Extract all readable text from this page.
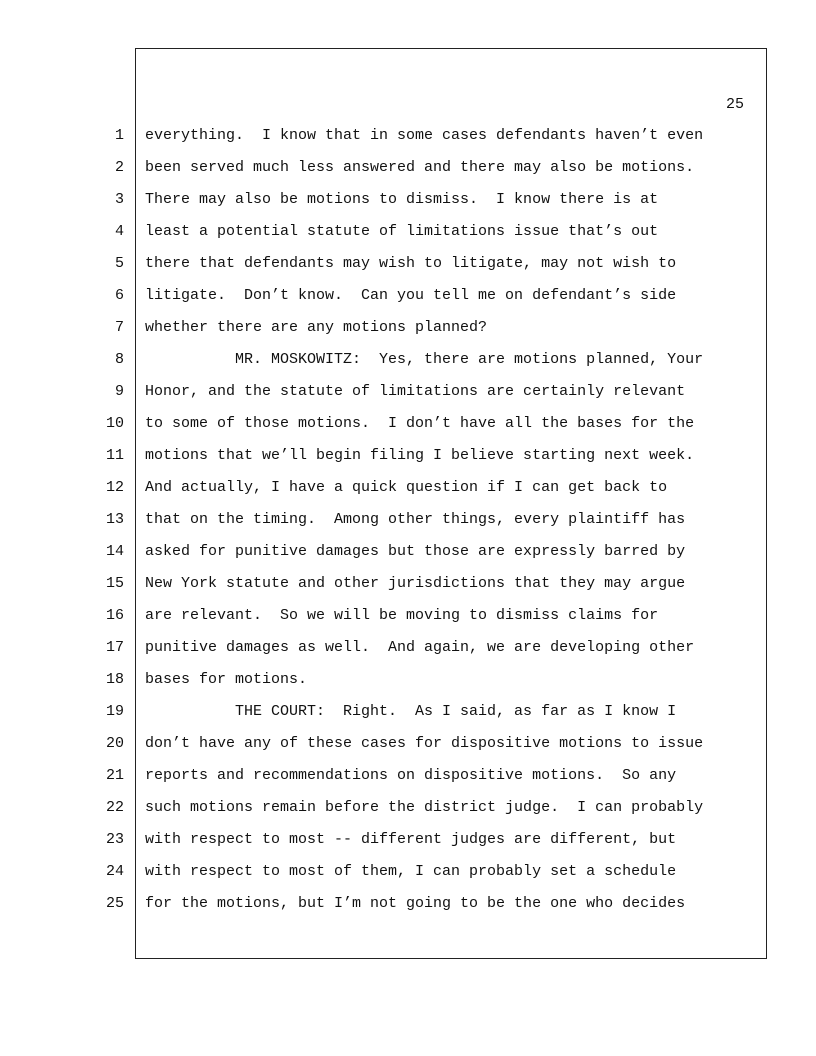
25
1 everything.  I know that in some cases defendants haven’t even
2 been served much less answered and there may also be motions.
3 There may also be motions to dismiss.  I know there is at
4 least a potential statute of limitations issue that’s out
5 there that defendants may wish to litigate, may not wish to
6 litigate.  Don’t know.  Can you tell me on defendant’s side
7 whether there are any motions planned?
8 MR. MOSKOWITZ:  Yes, there are motions planned, Your
9 Honor, and the statute of limitations are certainly relevant
10 to some of those motions.  I don’t have all the bases for the
11 motions that we’ll begin filing I believe starting next week.
12 And actually, I have a quick question if I can get back to
13 that on the timing.  Among other things, every plaintiff has
14 asked for punitive damages but those are expressly barred by
15 New York statute and other jurisdictions that they may argue
16 are relevant.  So we will be moving to dismiss claims for
17 punitive damages as well.  And again, we are developing other
18 bases for motions.
19 THE COURT:  Right.  As I said, as far as I know I
20 don’t have any of these cases for dispositive motions to issue
21 reports and recommendations on dispositive motions.  So any
22 such motions remain before the district judge.  I can probably
23 with respect to most -- different judges are different, but
24 with respect to most of them, I can probably set a schedule
25 for the motions, but I’m not going to be the one who decides
